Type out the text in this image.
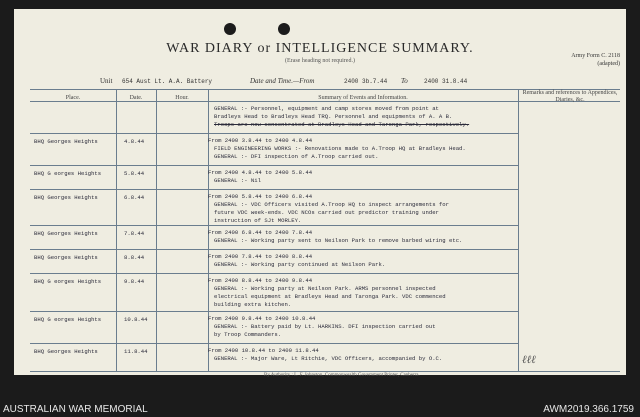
WAR DIARY or INTELLIGENCE SUMMARY.
(Erase heading not required.)
Army Form C. 2118
(adapted)
Unit 654 Aust Lt. A.A. Battery	Date and Time.—From	2400 3b.7.44 To	2400 31.8.44
Place.	Date.	Hour.	Summary of Events and Information.
Remarks and references to Appendices, Diaries, &c.
GENERAL :- Personnel, equipment and camp stores moved from point at
Bradleys Head to Bradleys Head TRQ. Personnel and equipments of A. A B.
Troops are now concentrated at Bradleys Head and Taronga Park, respectively.
BHQ Georges Heights	4.8.44	From 2400 3.8.44 to 2400 4.8.44
FIELD ENGINEERING WORKS :- Renovations made to A.Troop HQ at Bradleys Head.
GENERAL :- DFI inspection of A.Troop carried out.
BHQ G eorges Heights	5.8.44	From 2400 4.8.44 to 2400 5.8.44
GENERAL :- Nil
BHQ Georges Heights	6.8.44	From 2400 5.8.44 to 2400 6.8.44
GENERAL :- VDC Officers visited A.Troop HQ to inspect arrangements for
future VDC week-ends. VDC NCOs carried out predictor training under
instruction of SJt MORLEY.
BHQ Georges Heights	7.8.44	From 2400 6.8.44 to 2400 7.8.44
GENERAL :- Working party sent to Neilson Park to remove barbed wiring etc.
BHQ Georges Heights	8.8.44	From 2400 7.8.44 to 2400 8.8.44
GENERAL :- Working party continued at Neilson Park.
BHQ G eorges Heights	9.8.44	From 2400 8.8.44 to 2400 9.8.44
GENERAL :- Working party at Neilson Park. ARMS personnel inspected
electrical equipment at Bradleys Head and Taronga Park. VDC commenced
building extra kitchen.
BHQ G eorges Heights	10.8.44	From 2400 9.8.44 to 2400 10.8.44
GENERAL :- Battery paid by Lt. HARKINS. DFI inspection carried out
by Troop Commanders.
BHQ Georges Heights	11.8.44	From 2400 10.8.44 to 2400 11.8.44
GENERAL :- Major Ware, Lt Ritchie, VDC Officers, accompanied by O.C.	ℓℓℓ
By Authority : L. F. Johnston, Commonwealth Government Printer, Canberra.
AUSTRALIAN WAR MEMORIAL	AWM2019.366.1759
